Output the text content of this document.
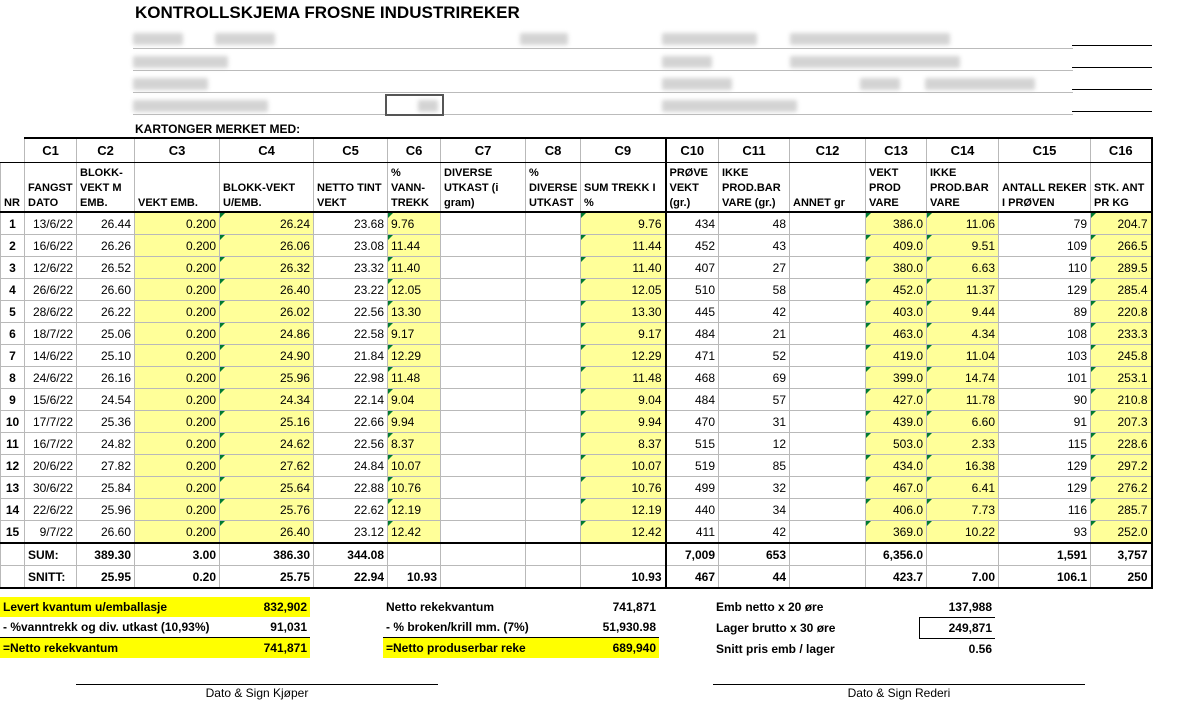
KONTROLLSKJEMA FROSNE INDUSTRIREKER
KARTONGER MERKET MED:
	C1	C2	C3	C4	C5	C6	C7	C8	C9	C10	C11	C12	C13	C14	C15	C16
NR	FANGST DATO	BLOKK-VEKT M EMB.	VEKT EMB.	BLOKK-VEKT U/EMB.	NETTO TINT VEKT	% VANN-TREKK	DIVERSE UTKAST (i gram)	% DIVERSE UTKAST	SUM TREKK I %	PRØVE VEKT (gr.)	IKKE PROD.BAR VARE (gr.)	ANNET gr	VEKT PROD VARE	IKKE PROD.BAR VARE	ANTALL REKER I PRØVEN	STK. ANT PR KG
1	13/6/22	26.44	0.200	26.24	23.68	9.76			9.76	434	48		386.0	11.06	79	204.7
2	16/6/22	26.26	0.200	26.06	23.08	11.44			11.44	452	43		409.0	9.51	109	266.5
3	12/6/22	26.52	0.200	26.32	23.32	11.40			11.40	407	27		380.0	6.63	110	289.5
4	26/6/22	26.60	0.200	26.40	23.22	12.05			12.05	510	58		452.0	11.37	129	285.4
5	28/6/22	26.22	0.200	26.02	22.56	13.30			13.30	445	42		403.0	9.44	89	220.8
6	18/7/22	25.06	0.200	24.86	22.58	9.17			9.17	484	21		463.0	4.34	108	233.3
7	14/6/22	25.10	0.200	24.90	21.84	12.29			12.29	471	52		419.0	11.04	103	245.8
8	24/6/22	26.16	0.200	25.96	22.98	11.48			11.48	468	69		399.0	14.74	101	253.1
9	15/6/22	24.54	0.200	24.34	22.14	9.04			9.04	484	57		427.0	11.78	90	210.8
10	17/7/22	25.36	0.200	25.16	22.66	9.94			9.94	470	31		439.0	6.60	91	207.3
11	16/7/22	24.82	0.200	24.62	22.56	8.37			8.37	515	12		503.0	2.33	115	228.6
12	20/6/22	27.82	0.200	27.62	24.84	10.07			10.07	519	85		434.0	16.38	129	297.2
13	30/6/22	25.84	0.200	25.64	22.88	10.76			10.76	499	32		467.0	6.41	129	276.2
14	22/6/22	25.96	0.200	25.76	22.62	12.19			12.19	440	34		406.0	7.73	116	285.7
15	9/7/22	26.60	0.200	26.40	23.12	12.42			12.42	411	42		369.0	10.22	93	252.0
	SUM:	389.30	3.00	386.30	344.08					7,009	653		6,356.0		1,591	3,757
	SNITT:	25.95	0.20	25.75	22.94	10.93			10.93	467	44		423.7	7.00	106.1	250
Levert kvantum u/emballasje	832,902
- %vanntrekk og div. utkast (10,93%)	91,031
=Netto rekekvantum	741,871
Netto rekekvantum	741,871
- % broken/krill mm. (7%)	51,930.98
=Netto produserbar reke	689,940
Emb netto x 20 øre	137,988
Lager brutto x 30 øre	249,871
Snitt pris emb / lager	0.56
Dato & Sign Kjøper	Dato & Sign Rederi
